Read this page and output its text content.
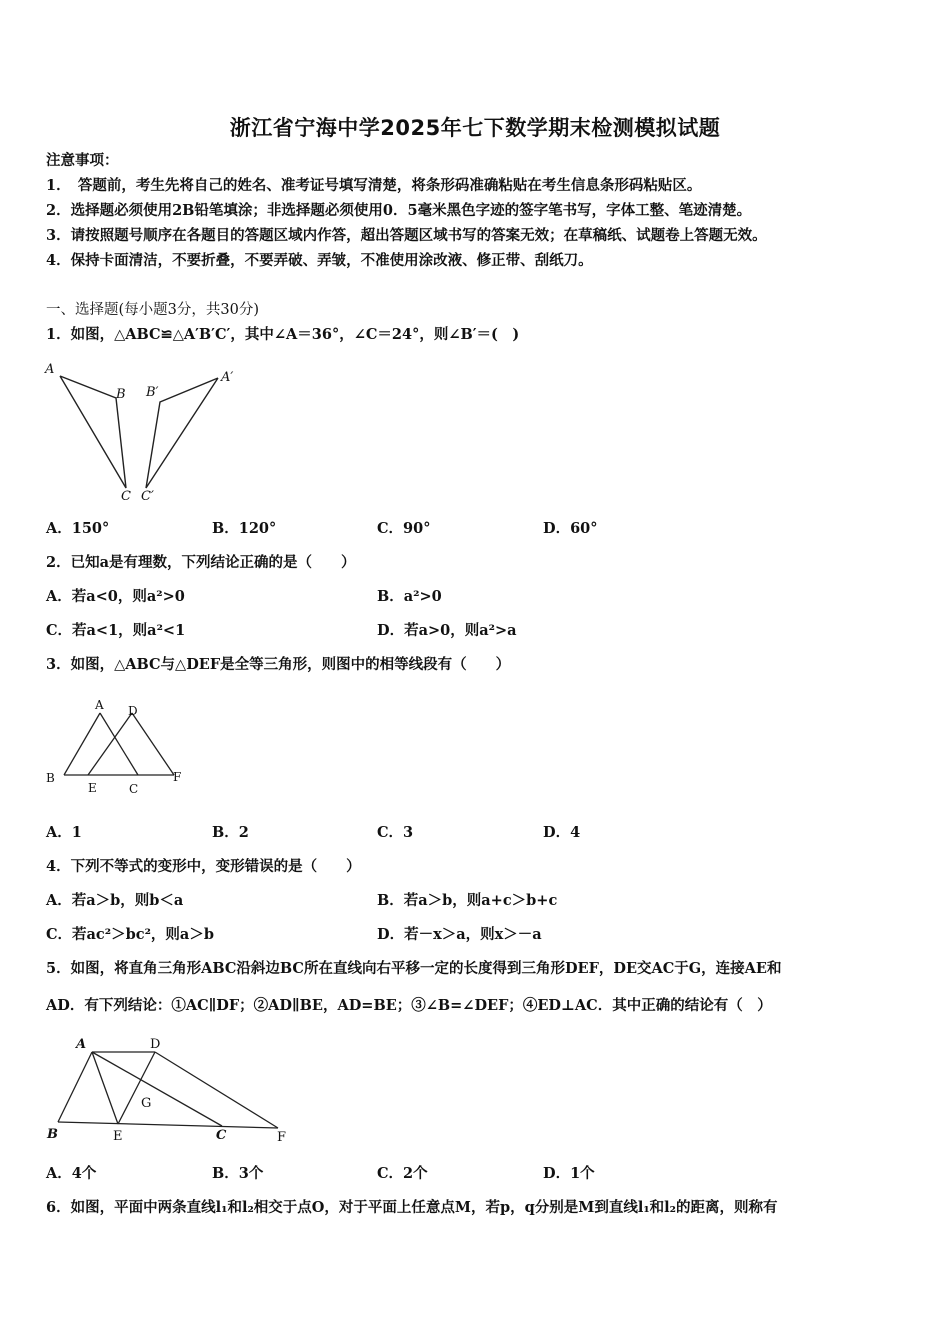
浙江省宁海中学2025年七下数学期末检测模拟试题
注意事项：
1．　答题前，考生先将自己的姓名、准考证号填写清楚，将条形码准确粘贴在考生信息条形码粘贴区。
2．选择题必须使用2B铅笔填涂；非选择题必须使用0．5毫米黑色字迹的签字笔书写，字体工整、笔迹清楚。
3．请按照题号顺序在各题目的答题区域内作答，超出答题区域书写的答案无效；在草稿纸、试题卷上答题无效。
4．保持卡面清洁，不要折叠，不要弄破、弄皱，不准使用涂改液、修正带、刮纸刀。
一、选择题(每小题3分，共30分)
1．如图，△ABC≌△A′B′C′，其中∠A＝36°，∠C＝24°，则∠B′＝(　)
A
B
C
A′
B′
C′
A．150°	B．120°	C．90°	D．60°
2．已知a是有理数，下列结论正确的是（　　）
A．若a<0，则a²>0	B．a²>0
C．若a<1，则a²<1	D．若a>0，则a²>a
3．如图，△ABC与△DEF是全等三角形，则图中的相等线段有（　　）
A D
B
E	C
F
A．1	B．2	C．3	D．4
4．下列不等式的变形中，变形错误的是（　　）
A．若a＞b，则b＜a	B．若a＞b，则a+c＞b+c
C．若ac²＞bc²，则a＞b	D．若－x＞a，则x＞－a
5．如图，将直角三角形ABC沿斜边BC所在直线向右平移一定的长度得到三角形DEF，DE交AC于G，连接AE和
AD．有下列结论：①AC∥DF；②AD∥BE，AD=BE；③∠B=∠DEF；④ED⊥AC．其中正确的结论有（　）
A	D
G
B	E	C	F
A．4个	B．3个	C．2个	D．1个
6．如图，平面中两条直线l₁和l₂相交于点O，对于平面上任意点M，若p，q分别是M到直线l₁和l₂的距离，则称有
